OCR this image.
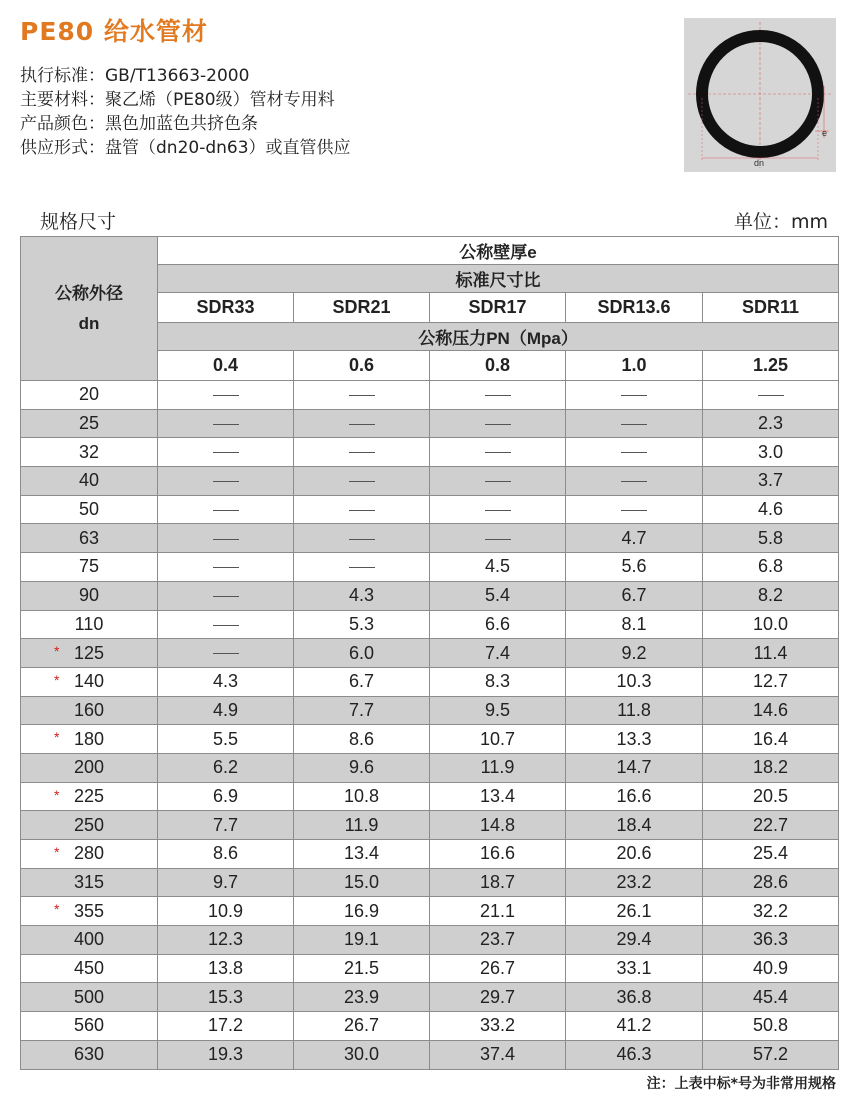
PE80 给水管材
执行标准：GB/T13663-2000
主要材料：聚乙烯（PE80级）管材专用料
产品颜色：黑色加蓝色共挤色条
供应形式：盘管（dn20-dn63）或直管供应
e
dn
规格尺寸	单位：mm
公称外径
dn	公称壁厚e				
	标准尺寸比				
	SDR33	SDR21	SDR17	SDR13.6	SDR11
	公称压力PN（Mpa）				
	0.4	0.6	0.8	1.0	1.25
20					
25					2.3
32					3.0
40					3.7
50					4.6
63				4.7	5.8
75			4.5	5.6	6.8
90		4.3	5.4	6.7	8.2
110		5.3	6.6	8.1	10.0

* 125		6.0	7.4	9.2	11.4

* 140	4.3	6.7	8.3	10.3	12.7
160	4.9	7.7	9.5	11.8	14.6

* 180	5.5	8.6	10.7	13.3	16.4
200	6.2	9.6	11.9	14.7	18.2

* 225	6.9	10.8	13.4	16.6	20.5
250	7.7	11.9	14.8	18.4	22.7

* 280	8.6	13.4	16.6	20.6	25.4
315	9.7	15.0	18.7	23.2	28.6

* 355	10.9	16.9	21.1	26.1	32.2
400	12.3	19.1	23.7	29.4	36.3
450	13.8	21.5	26.7	33.1	40.9
500	15.3	23.9	29.7	36.8	45.4
560	17.2	26.7	33.2	41.2	50.8
630	19.3	30.0	37.4	46.3	57.2
注：上表中标*号为非常用规格
